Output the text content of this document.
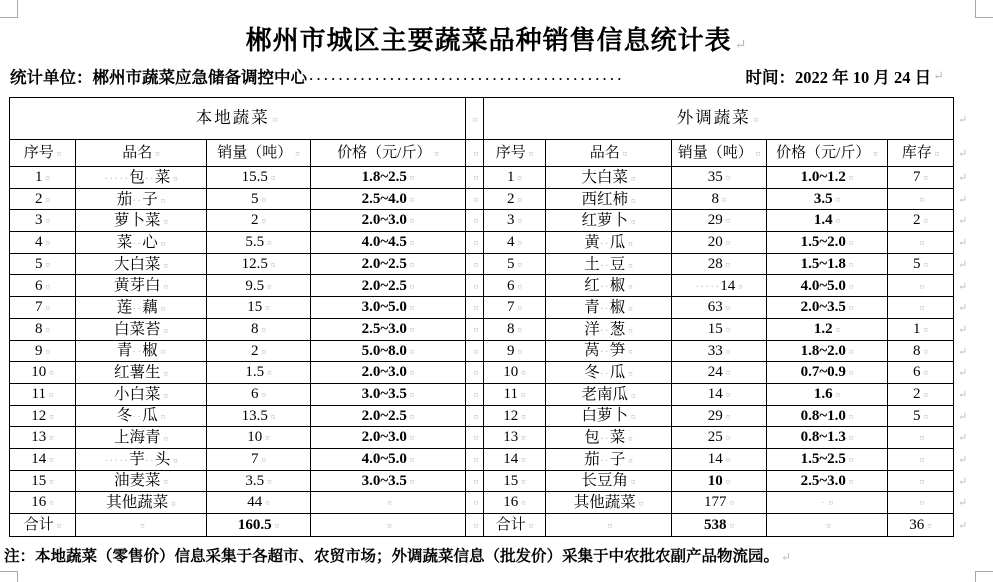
郴州市城区主要蔬菜品种销售信息统计表 ↵
统计单位：郴州市蔬菜应急储备调控中心 ···········································	时间：2022 年 10 月 24 日
↵
本地蔬菜 ¤	¤				外调蔬菜 ¤	↵
序号 ¤	品名 ¤	销量（吨） ¤	价格（元/斤） ¤	¤	序号 ¤	品名 ¤	销量（吨） ¤	价格（元/斤） ¤	库存 ¤	↵
1 ¤	·····包··菜 ¤	15.5 ¤	1.8~2.5 ¤	¤	1 ¤	大白菜 ¤	35 ¤	1.0~1.2 ¤	7 ¤	↵
2 ¤	茄··子 ¤	5 ¤	2.5~4.0 ¤	¤	2 ¤	西红柿 ¤	8 ¤	3.5 ¤	¤	↵
3 ¤	萝卜菜 ¤	2 ¤	2.0~3.0 ¤	¤	3 ¤	红萝卜 ¤	29 ¤	1.4 ¤	2 ¤	↵
4 ¤	菜··心 ¤	5.5 ¤	4.0~4.5 ¤	¤	4 ¤	黄··瓜 ¤	20 ¤	1.5~2.0 ¤	¤	↵
5 ¤	大白菜 ¤	12.5 ¤	2.0~2.5 ¤	¤	5 ¤	土··豆 ¤	28 ¤	1.5~1.8 ¤	5 ¤	↵
6 ¤	黄芽白 ¤	9.5 ¤	2.0~2.5 ¤	¤	6 ¤	红··椒 ¤	·····14 ¤	4.0~5.0 ¤	¤	↵
7 ¤	莲··藕 ¤	15 ¤	3.0~5.0 ¤	¤	7 ¤	青··椒 ¤	63 ¤	2.0~3.5 ¤	¤	↵
8 ¤	白菜苔 ¤	8 ¤	2.5~3.0 ¤	¤	8 ¤	洋··葱 ¤	15 ¤	1.2 ¤	1 ¤	↵
9 ¤	青··椒 ¤	2 ¤	5.0~8.0 ¤	¤	9 ¤	莴··笋 ¤	33 ¤	1.8~2.0 ¤	8 ¤	↵
10 ¤	红薯生 ¤	1.5 ¤	2.0~3.0 ¤	¤	10 ¤	冬··瓜 ¤	24 ¤	0.7~0.9 ¤	6 ¤	↵
11 ¤	小白菜 ¤	6 ¤	3.0~3.5 ¤	¤	11 ¤	老南瓜 ¤	14 ¤	1.6 ¤	2 ¤	↵
12 ¤	冬··瓜 ¤	13.5 ¤	2.0~2.5 ¤	¤	12 ¤	白萝卜 ¤	29 ¤	0.8~1.0 ¤	5 ¤	↵
13 ¤	上海青 ¤	10 ¤	2.0~3.0 ¤	¤	13 ¤	包··菜 ¤	25 ¤	0.8~1.3 ¤	¤	↵
14 ¤	·····芋··头 ¤	7 ¤	4.0~5.0 ¤	¤	14 ¤	茄··子 ¤	14 ¤	1.5~2.5 ¤	¤	↵
15 ¤	油麦菜 ¤	3.5 ¤	3.0~3.5 ¤	¤	15 ¤	长豆角 ¤	10 ¤	2.5~3.0 ¤	¤	↵
16 ¤	其他蔬菜 ¤	44 ¤	¤	¤	16 ¤	其他蔬菜 ¤	177 ¤	· ¤	¤	↵
合计 ¤	¤	160.5 ¤	¤	¤	合计 ¤	¤	538 ¤	¤	36 ¤	↵
注：本地蔬菜（零售价）信息采集于各超市、农贸市场；外调蔬菜信息（批发价）采集于中农批农副产品物流园。 ↵
